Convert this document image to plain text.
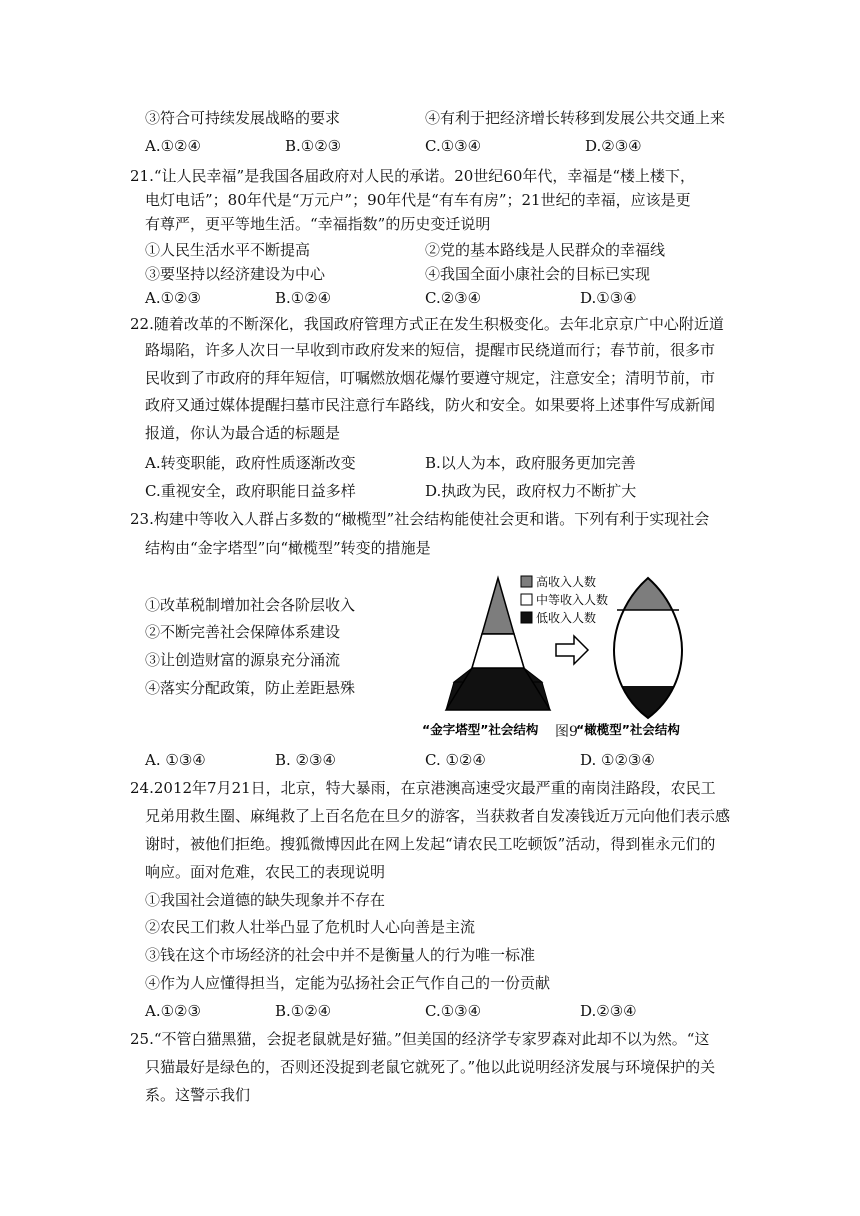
③符合可持续发展战略的要求	④有利于把经济增长转移到发展公共交通上来
A.①②④	B.①②③	C.①③④	D.②③④
21.“让人民幸福”是我国各届政府对人民的承诺。20世纪60年代，幸福是“楼上楼下，
电灯电话”；80年代是“万元户”；90年代是“有车有房”；21世纪的幸福，应该是更
有尊严，更平等地生活。“幸福指数”的历史变迁说明
①人民生活水平不断提高	②党的基本路线是人民群众的幸福线
③要坚持以经济建设为中心	④我国全面小康社会的目标已实现
A.①②③	B.①②④	C.②③④	D.①③④
22.随着改革的不断深化，我国政府管理方式正在发生积极变化。去年北京京广中心附近道
路塌陷，许多人次日一早收到市政府发来的短信，提醒市民绕道而行；春节前，很多市
民收到了市政府的拜年短信，叮嘱燃放烟花爆竹要遵守规定，注意安全；清明节前，市
政府又通过媒体提醒扫墓市民注意行车路线，防火和安全。如果要将上述事件写成新闻
报道，你认为最合适的标题是
A.转变职能，政府性质逐渐改变	B.以人为本，政府服务更加完善
C.重视安全，政府职能日益多样	D.执政为民，政府权力不断扩大
23.构建中等收入人群占多数的“橄榄型”社会结构能使社会更和谐。下列有利于实现社会
结构由“金字塔型”向“橄榄型”转变的措施是
①改革税制增加社会各阶层收入
②不断完善社会保障体系建设
③让创造财富的源泉充分涌流
④落实分配政策，防止差距悬殊
高收入人数
中等收入人数
低收入人数
“金字塔型”社会结构	“橄榄型”社会结构
图9
A. ①③④	B. ②③④	C. ①②④	D. ①②③④
24.2012年7月21日，北京，特大暴雨，在京港澳高速受灾最严重的南岗洼路段，农民工
兄弟用救生圈、麻绳救了上百名危在旦夕的游客，当获救者自发凑钱近万元向他们表示感
谢时，被他们拒绝。搜狐微博因此在网上发起“请农民工吃顿饭”活动，得到崔永元们的
响应。面对危难，农民工的表现说明
①我国社会道德的缺失现象并不存在
②农民工们救人壮举凸显了危机时人心向善是主流
③钱在这个市场经济的社会中并不是衡量人的行为唯一标准
④作为人应懂得担当，定能为弘扬社会正气作自己的一份贡献
A.①②③	B.①②④	C.①③④	D.②③④
25.“不管白猫黑猫，会捉老鼠就是好猫。”但美国的经济学专家罗森对此却不以为然。“这
只猫最好是绿色的，否则还没捉到老鼠它就死了。”他以此说明经济发展与环境保护的关
系。这警示我们
